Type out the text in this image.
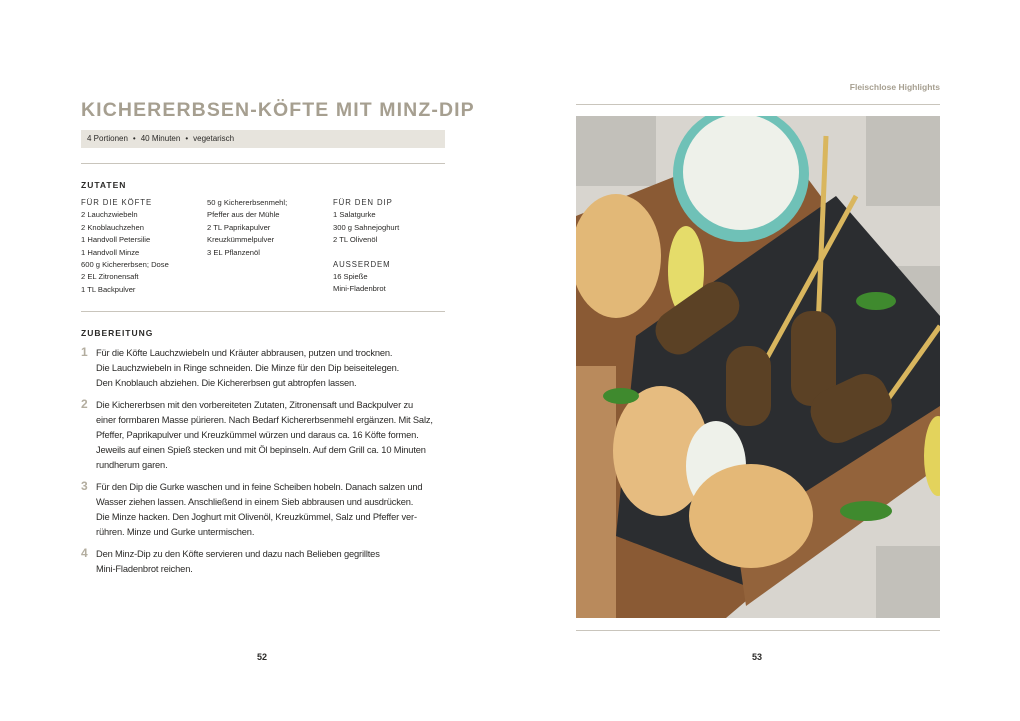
KICHERERBSEN-KÖFTE MIT MINZ-DIP
4 Portionen • 40 Minuten • vegetarisch
ZUTATEN
FÜR DIE KÖFTE
2 Lauchzwiebeln
2 Knoblauchzehen
1 Handvoll Petersilie
1 Handvoll Minze
600 g Kichererbsen; Dose
2 EL Zitronensaft
1 TL Backpulver
50 g Kichererbsenmehl;
Pfeffer aus der Mühle
2 TL Paprikapulver
Kreuzkümmelpulver
3 EL Pflanzenöl
FÜR DEN DIP
1 Salatgurke
300 g Sahnejoghurt
2 TL Olivenöl
AUSSERDEM
16 Spieße
Mini-Fladenbrot
ZUBEREITUNG
1 Für die Köfte Lauchzwiebeln und Kräuter abbrausen, putzen und trocknen.
Die Lauchzwiebeln in Ringe schneiden. Die Minze für den Dip beiseitelegen.
Den Knoblauch abziehen. Die Kichererbsen gut abtropfen lassen.
2 Die Kichererbsen mit den vorbereiteten Zutaten, Zitronensaft und Backpulver zu
einer formbaren Masse pürieren. Nach Bedarf Kichererbsenmehl ergänzen. Mit Salz,
Pfeffer, Paprikapulver und Kreuzkümmel würzen und daraus ca. 16 Köfte formen.
Jeweils auf einen Spieß stecken und mit Öl bepinseln. Auf dem Grill ca. 10 Minuten
rundherum garen.
3 Für den Dip die Gurke waschen und in feine Scheiben hobeln. Danach salzen und
Wasser ziehen lassen. Anschließend in einem Sieb abbrausen und ausdrücken.
Die Minze hacken. Den Joghurt mit Olivenöl, Kreuzkümmel, Salz und Pfeffer ver-
rühren. Minze und Gurke untermischen.
4 Den Minz-Dip zu den Köfte servieren und dazu nach Belieben gegrilltes
Mini-Fladenbrot reichen.
52
Fleischlose Highlights
53
